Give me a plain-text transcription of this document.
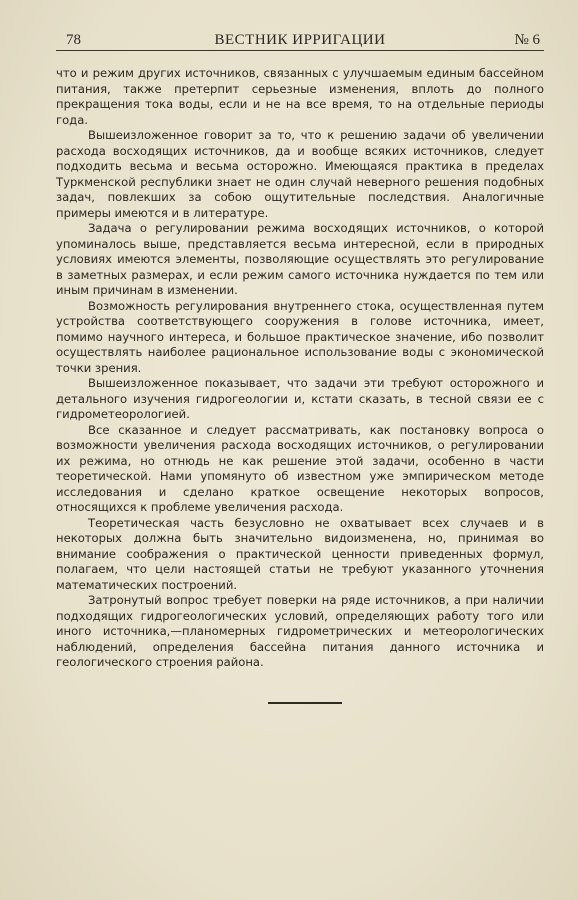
78	ВЕСТНИК ИРРИГАЦИИ	№ 6

что и режим других источников, связанных с улучшаемым единым бассейном питания, также претерпит серьезные изменения, вплоть до полного прекращения тока воды, если и не на все время, то на отдельные периоды года.

Вышеизложенное говорит за то, что к решению задачи об увеличении расхода восходящих источников, да и вообще всяких источников, следует подходить весьма и весьма осторожно. Имеющаяся практика в пределах Туркменской республики знает не один случай неверного решения подобных задач, повлекших за собою ощутительные последствия. Аналогичные примеры имеются и в литературе.

Задача о регулировании режима восходящих источников, о которой упоминалось выше, представляется весьма интересной, если в природных условиях имеются элементы, позволяющие осуществлять это регулирование в заметных размерах, и если режим самого источника нуждается по тем или иным причинам в изменении.

Возможность регулирования внутреннего стока, осуществленная путем устройства соответствующего сооружения в голове источника, имеет, помимо научного интереса, и большое практическое значение, ибо позволит осуществлять наиболее рациональное использование воды с экономической точки зрения.

Вышеизложенное показывает, что задачи эти требуют осторожного и детального изучения гидрогеологии и, кстати сказать, в тесной связи ее с гидрометеорологией.

Все сказанное и следует рассматривать, как постановку вопроса о возможности увеличения расхода восходящих источников, о регулировании их режима, но отнюдь не как решение этой задачи, особенно в части теоретической. Нами упомянуто об известном уже эмпирическом методе исследования и сделано краткое освещение некоторых вопросов, относящихся к проблеме увеличения расхода.

Теоретическая часть безусловно не охватывает всех случаев и в некоторых должна быть значительно видоизменена, но, принимая во внимание соображения о практической ценности приведенных формул, полагаем, что цели настоящей статьи не требуют указанного уточнения математических построений.

Затронутый вопрос требует поверки на ряде источников, а при наличии подходящих гидрогеологических условий, определяющих работу того или иного источника,—планомерных гидрометрических и метеорологических наблюдений, определения бассейна питания данного источника и геологического строения района.
